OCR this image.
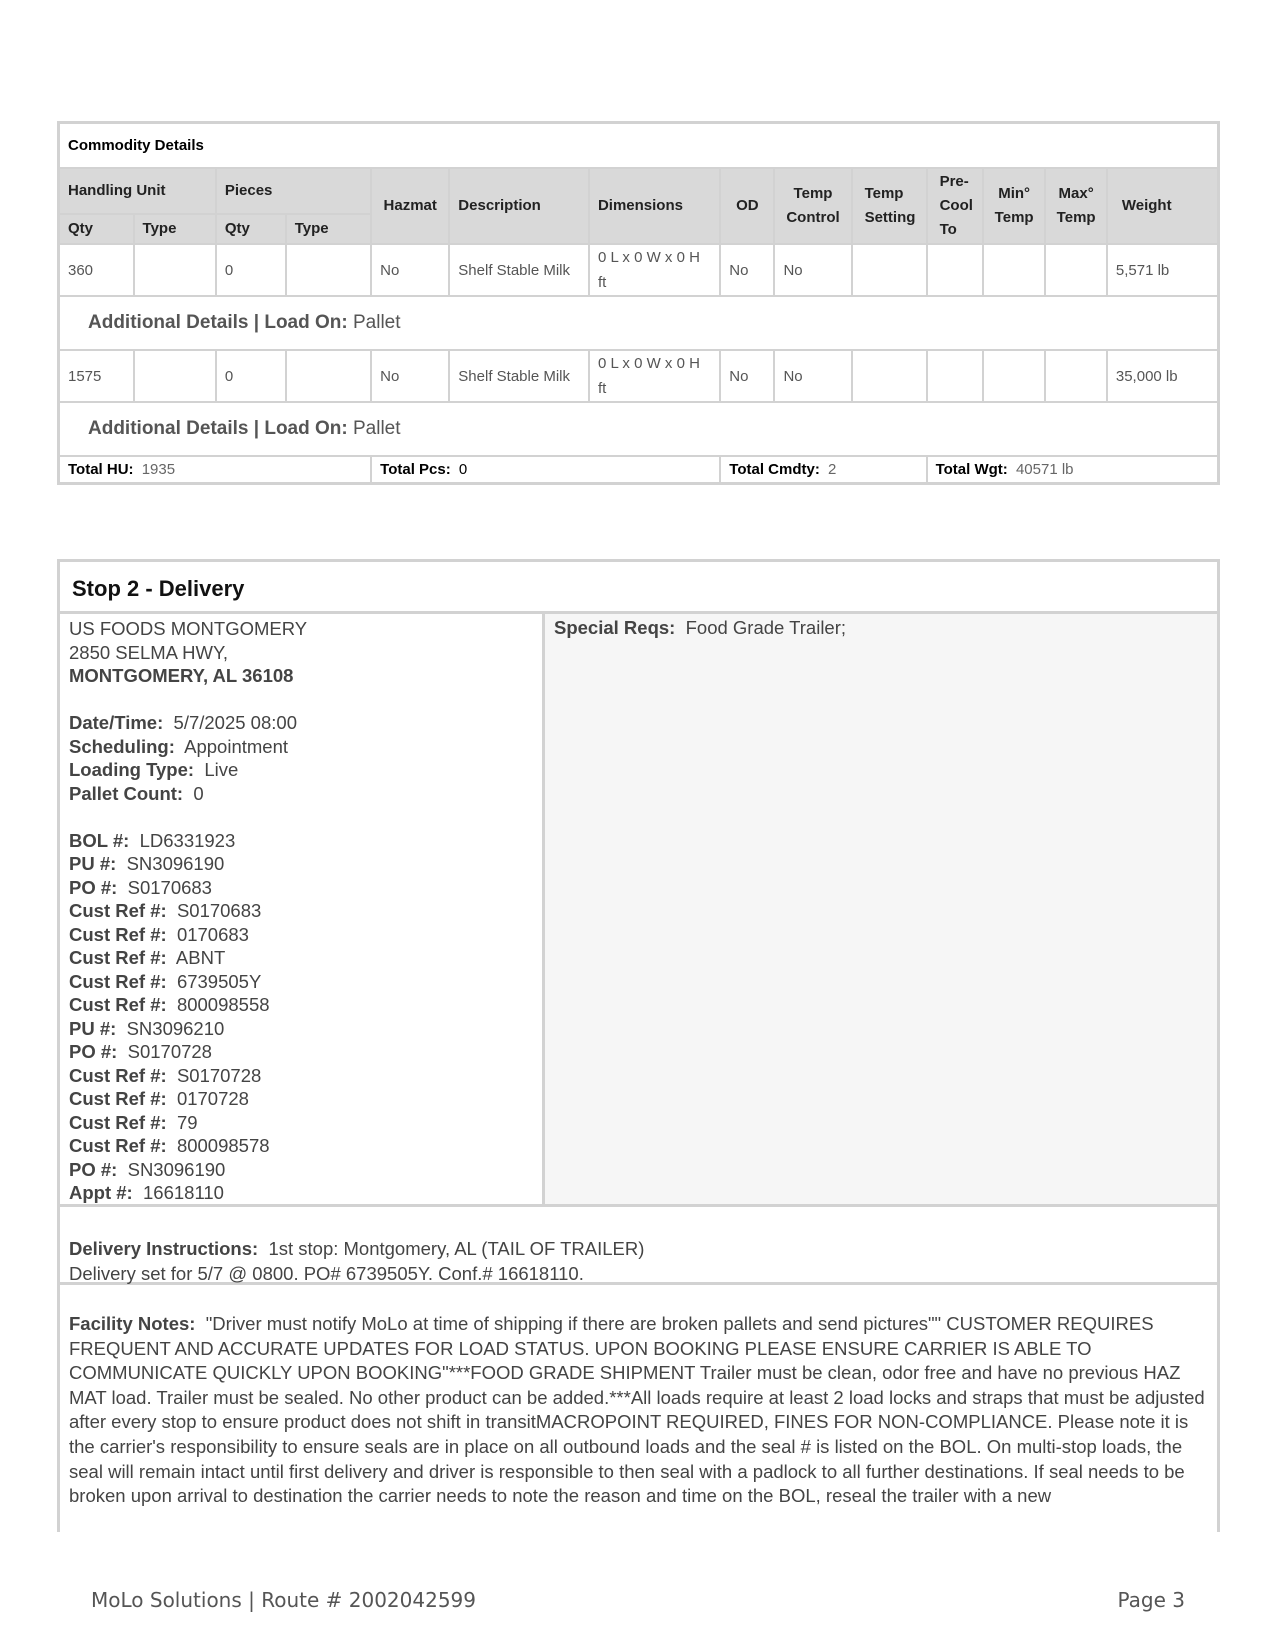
Commodity Details													
Handling Unit		Pieces		Hazmat	Description	Dimensions	OD	Temp Control	Temp Setting	Pre-Cool To	Min° Temp	Max° Temp	Weight
Qty	Type	Qty	Type										
360		0		No	Shelf Stable Milk	0 L x 0 W x 0 H ft	No	No					5,571 lb
Additional Details | Load On: Pallet													
1575		0		No	Shelf Stable Milk	0 L x 0 W x 0 H ft	No	No					35,000 lb
Additional Details | Load On: Pallet													
Total HU: 1935				Total Pcs: 0			Total Cmdty: 2			Total Wgt: 40571 lb			
Stop 2 - Delivery
US FOODS MONTGOMERY
2850 SELMA HWY,
MONTGOMERY, AL 36108
Date/Time: 5/7/2025 08:00
Scheduling: Appointment
Loading Type: Live
Pallet Count: 0
BOL #: LD6331923
PU #: SN3096190
PO #: S0170683
Cust Ref #: S0170683
Cust Ref #: 0170683
Cust Ref #: ABNT
Cust Ref #: 6739505Y
Cust Ref #: 800098558
PU #: SN3096210
PO #: S0170728
Cust Ref #: S0170728
Cust Ref #: 0170728
Cust Ref #: 79
Cust Ref #: 800098578
PO #: SN3096190
Appt #: 16618110
Special Reqs: Food Grade Trailer;
Delivery Instructions: 1st stop: Montgomery, AL (TAIL OF TRAILER)
Delivery set for 5/7 @ 0800. PO# 6739505Y. Conf.# 16618110.
Facility Notes: "Driver must notify MoLo at time of shipping if there are broken pallets and send pictures"" CUSTOMER REQUIRES FREQUENT AND ACCURATE UPDATES FOR LOAD STATUS. UPON BOOKING PLEASE ENSURE CARRIER IS ABLE TO COMMUNICATE QUICKLY UPON BOOKING"***FOOD GRADE SHIPMENT Trailer must be clean, odor free and have no previous HAZ MAT load. Trailer must be sealed. No other product can be added.***All loads require at least 2 load locks and straps that must be adjusted after every stop to ensure product does not shift in transitMACROPOINT REQUIRED, FINES FOR NON-COMPLIANCE. Please note it is the carrier's responsibility to ensure seals are in place on all outbound loads and the seal # is listed on the BOL. On multi-stop loads, the seal will remain intact until first delivery and driver is responsible to then seal with a padlock to all further destinations. If seal needs to be broken upon arrival to destination the carrier needs to note the reason and time on the BOL, reseal the trailer with a new
MoLo Solutions | Route # 2002042599	Page 3
